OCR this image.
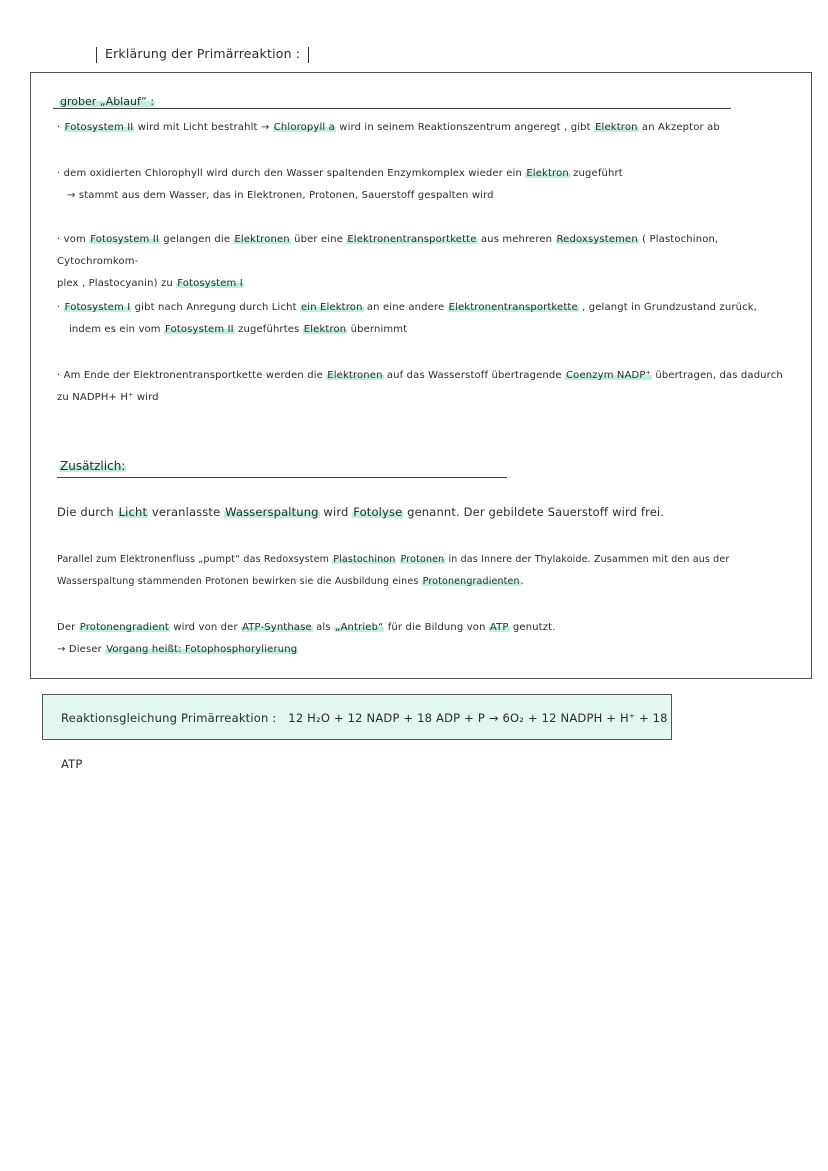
Erklärung der Primärreaktion :
grober „Ablauf“ :
· Fotosystem II wird mit Licht bestrahlt → Chloropyll a wird in seinem Reaktionszentrum angeregt , gibt Elektron an Akzeptor ab
· dem oxidierten Chlorophyll wird durch den Wasser spaltenden Enzymkomplex wieder ein Elektron zugeführt
→ stammt aus dem Wasser, das in Elektronen, Protonen, Sauerstoff gespalten wird
· vom Fotosystem II gelangen die Elektronen über eine Elektronentransportkette aus mehreren Redoxsystemen ( Plastochinon, Cytochromkom-
plex , Plastocyanin) zu Fotosystem I
· Fotosystem I gibt nach Anregung durch Licht ein Elektron an eine andere Elektronentransportkette , gelangt in Grundzustand zurück,
indem es ein vom Fotosystem II zugeführtes Elektron übernimmt
· Am Ende der Elektronentransportkette werden die Elektronen auf das Wasserstoff übertragende Coenzym NADP⁺ übertragen, das dadurch
zu NADPH+ H⁺ wird
Zusätzlich:
Die durch Licht veranlasste Wasserspaltung wird Fotolyse genannt. Der gebildete Sauerstoff wird frei.
Parallel zum Elektronenfluss „pumpt“ das Redoxsystem Plastochinon Protonen in das Innere der Thylakoide. Zusammen mit den aus der
Wasserspaltung stammenden Protonen bewirken sie die Ausbildung eines Protonengradienten.
Der Protonengradient wird von der ATP-Synthase als „Antrieb“ für die Bildung von ATP genutzt.
→ Dieser Vorgang heißt: Fotophosphorylierung
Reaktionsgleichung Primärreaktion : 12 H₂O + 12 NADP + 18 ADP + P → 6O₂ + 12 NADPH + H⁺ + 18 ATP
